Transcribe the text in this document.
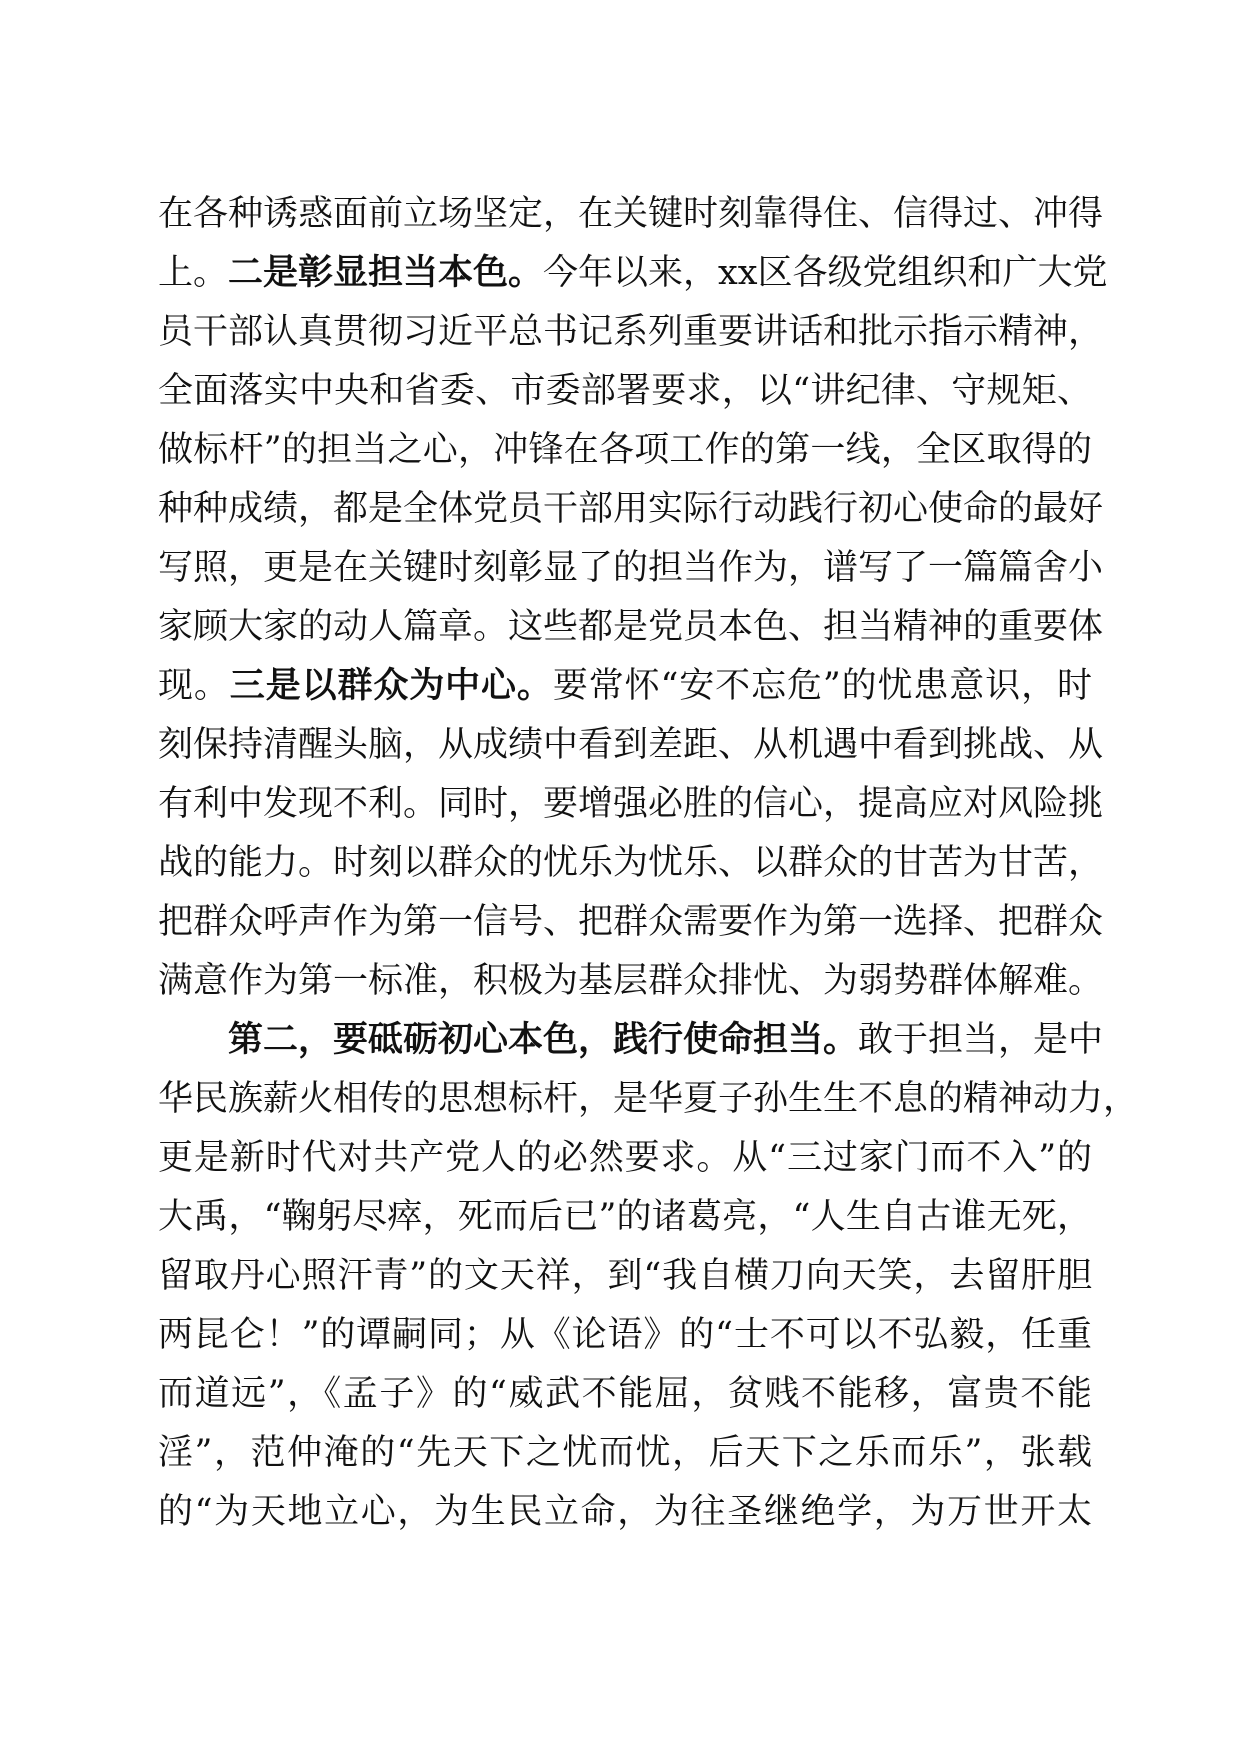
在各种诱惑面前立场坚定，在关键时刻靠得住、信得过、冲得
上。二是彰显担当本色。今年以来，xx区各级党组织和广大党
员干部认真贯彻习近平总书记系列重要讲话和批示指示精神，
全面落实中央和省委、市委部署要求，以“讲纪律、守规矩、
做标杆”的担当之心，冲锋在各项工作的第一线，全区取得的
种种成绩，都是全体党员干部用实际行动践行初心使命的最好
写照，更是在关键时刻彰显了的担当作为，谱写了一篇篇舍小
家顾大家的动人篇章。这些都是党员本色、担当精神的重要体
现。三是以群众为中心。要常怀“安不忘危”的忧患意识，时
刻保持清醒头脑，从成绩中看到差距、从机遇中看到挑战、从
有利中发现不利。同时，要增强必胜的信心，提高应对风险挑
战的能力。时刻以群众的忧乐为忧乐、以群众的甘苦为甘苦，
把群众呼声作为第一信号、把群众需要作为第一选择、把群众
满意作为第一标准，积极为基层群众排忧、为弱势群体解难。
第二，要砥砺初心本色，践行使命担当。敢于担当，是中
华民族薪火相传的思想标杆，是华夏子孙生生不息的精神动力，
更是新时代对共产党人的必然要求。从“三过家门而不入”的
大禹，“鞠躬尽瘁，死而后已”的诸葛亮，“人生自古谁无死，
留取丹心照汗青”的文天祥，到“我自横刀向天笑，去留肝胆
两昆仑！”的谭嗣同；从《论语》的“士不可以不弘毅，任重
而道远”，《孟子》的“威武不能屈，贫贱不能移，富贵不能
淫”，范仲淹的“先天下之忧而忧，后天下之乐而乐”，张载
的“为天地立心，为生民立命，为往圣继绝学，为万世开太
